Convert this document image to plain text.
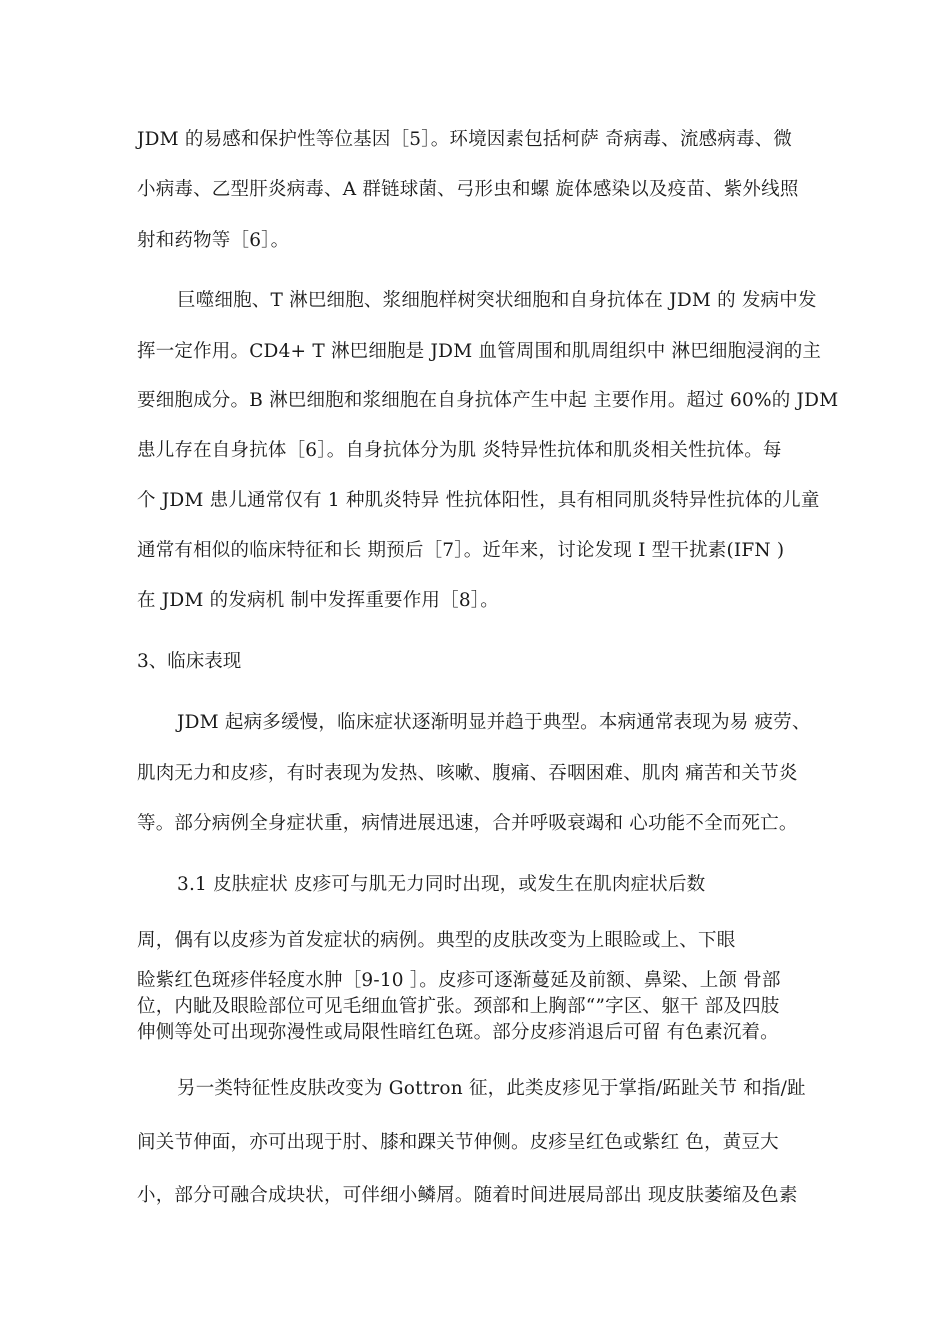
JDM 的易感和保护性等位基因［5］。环境因素包括柯萨 奇病毒、流感病毒、微
小病毒、乙型肝炎病毒、A 群链球菌、弓形虫和螺 旋体感染以及疫苗、紫外线照
射和药物等［6］。
巨噬细胞、T 淋巴细胞、浆细胞样树突状细胞和自身抗体在 JDM 的 发病中发
挥一定作用。CD4+ T 淋巴细胞是 JDM 血管周围和肌周组织中 淋巴细胞浸润的主
要细胞成分。B 淋巴细胞和浆细胞在自身抗体产生中起 主要作用。超过 60%的 JDM
患儿存在自身抗体［6］。自身抗体分为肌 炎特异性抗体和肌炎相关性抗体。每
个 JDM 患儿通常仅有 1 种肌炎特异 性抗体阳性，具有相同肌炎特异性抗体的儿童
通常有相似的临床特征和长 期预后［7］。近年来，讨论发现 I 型干扰素(IFN )
在 JDM 的发病机 制中发挥重要作用［8］。
3、临床表现
JDM 起病多缓慢，临床症状逐渐明显并趋于典型。本病通常表现为易 疲劳、
肌肉无力和皮疹，有时表现为发热、咳嗽、腹痛、吞咽困难、肌肉 痛苦和关节炎
等。部分病例全身症状重，病情进展迅速，合并呼吸衰竭和 心功能不全而死亡。
3.1 皮肤症状 皮疹可与肌无力同时出现，或发生在肌肉症状后数
周，偶有以皮疹为首发症状的病例。典型的皮肤改变为上眼睑或上、下眼
睑紫红色斑疹伴轻度水肿［9-10 ］。皮疹可逐渐蔓延及前额、鼻梁、上颌 骨部
位，内眦及眼睑部位可见毛细血管扩张。颈部和上胸部“”字区、躯干 部及四肢
伸侧等处可出现弥漫性或局限性暗红色斑。部分皮疹消退后可留 有色素沉着。
另一类特征性皮肤改变为 Gottron 征，此类皮疹见于掌指/跖趾关节 和指/趾
间关节伸面，亦可出现于肘、膝和踝关节伸侧。皮疹呈红色或紫红 色，黄豆大
小，部分可融合成块状，可伴细小鳞屑。随着时间进展局部出 现皮肤萎缩及色素
